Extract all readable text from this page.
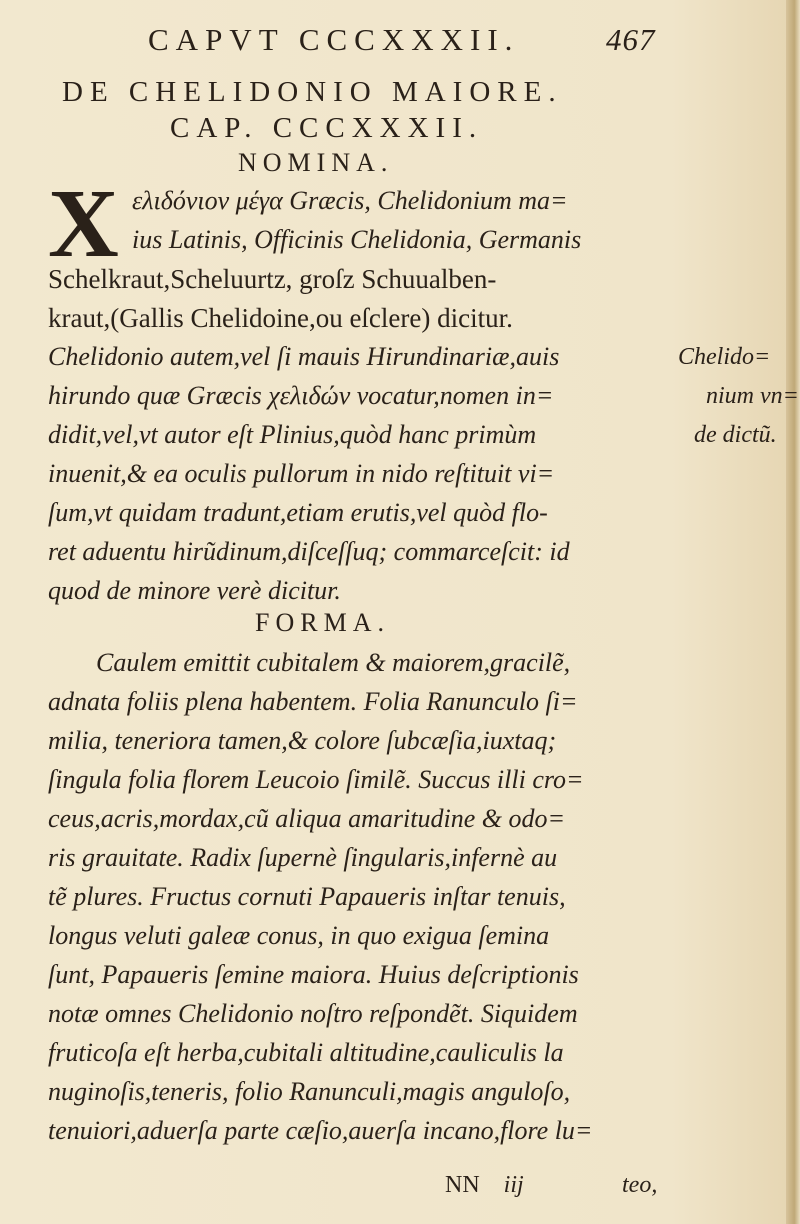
CAPVT CCCXXXII.	467
DE CHELIDONIO MAIORE.
CAP. CCCXXXII.
NOMINA.
X ελιδόνιον μέγα Græcis, Chelidonium ma=
ius Latinis, Officinis Chelidonia, Germanis
Schelkraut,Scheluurtz, groſz Schuualben-
kraut,(Gallis Chelidoine,ou eſclere) dicitur.
Chelidonio autem,vel ſi mauis Hirundinariæ,auis
hirundo quæ Græcis χελιδών vocatur,nomen in=
didit,vel,vt autor eſt Plinius,quòd hanc primùm
inuenit,& ea oculis pullorum in nido reſtituit vi=
ſum,vt quidam tradunt,etiam erutis,vel quòd flo-
ret aduentu hirũdinum,diſceſſuq; commarceſcit: id
quod de minore verè dicitur.
Chelido=
nium vn=
de dictũ.
FORMA.
Caulem emittit cubitalem & maiorem,gracilẽ,
adnata foliis plena habentem. Folia Ranunculo ſi=
milia, teneriora tamen,& colore ſubcæſia,iuxtaq;
ſingula folia florem Leucoio ſimilẽ. Succus illi cro=
ceus,acris,mordax,cũ aliqua amaritudine & odo=
ris grauitate. Radix ſupernè ſingularis,infernè au
tẽ plures. Fructus cornuti Papaueris inſtar tenuis,
longus veluti galeæ conus, in quo exigua ſemina
ſunt, Papaueris ſemine maiora. Huius deſcriptionis
notæ omnes Chelidonio noſtro reſpondẽt. Siquidem
fruticoſa eſt herba,cubitali altitudine,cauliculis la
nuginoſis,teneris, folio Ranunculi,magis anguloſo,
tenuiori,aduerſa parte cæſio,auerſa incano,flore lu=
NN iij	teo,
